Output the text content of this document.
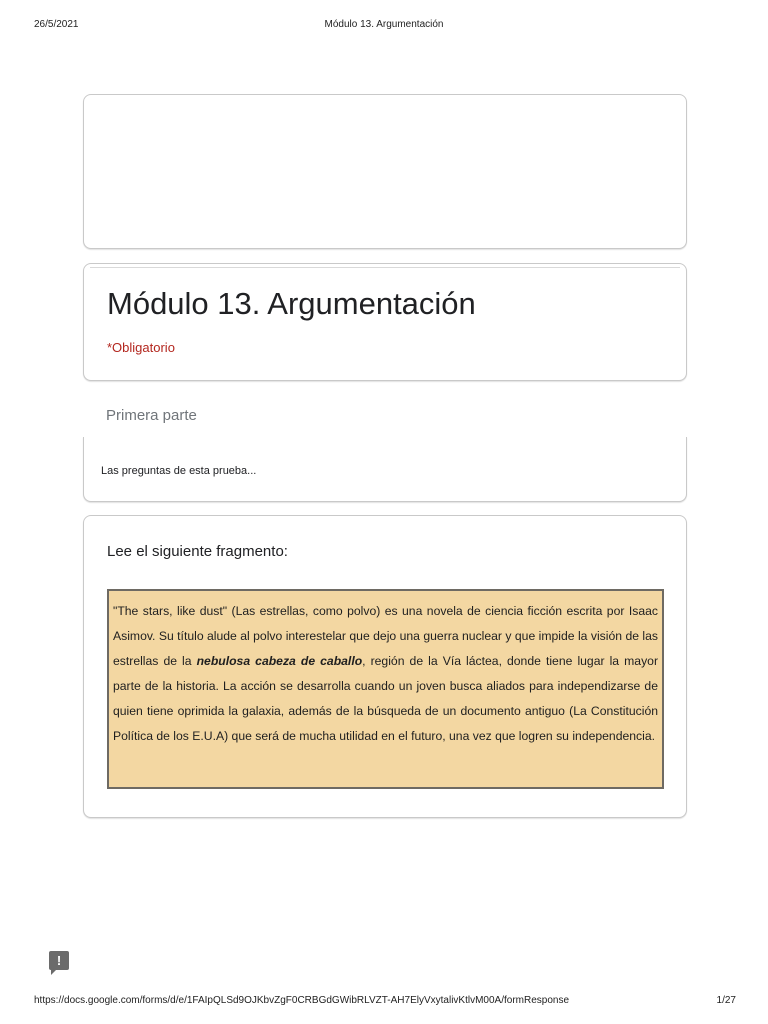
26/5/2021	Módulo 13. Argumentación
Módulo 13. Argumentación
*Obligatorio
Primera parte
Las preguntas de esta prueba...
Lee el siguiente fragmento:
"The stars, like dust" (Las estrellas, como polvo) es una novela de ciencia ficción escrita por Isaac Asimov. Su título alude al polvo interestelar que dejo una guerra nuclear y que impide la visión de las estrellas de la nebulosa cabeza de caballo, región de la Vía láctea, donde tiene lugar la mayor parte de la historia. La acción se desarrolla cuando un joven busca aliados para independizarse de quien tiene oprimida la galaxia, además de la búsqueda de un documento antiguo (La Constitución Política de los E.U.A) que será de mucha utilidad en el futuro, una vez que logren su independencia.
!
https://docs.google.com/forms/d/e/1FAIpQLSd9OJKbvZgF0CRBGdGWibRLVZT-AH7ElyVxytalivKtlvM00A/formResponse	1/27
